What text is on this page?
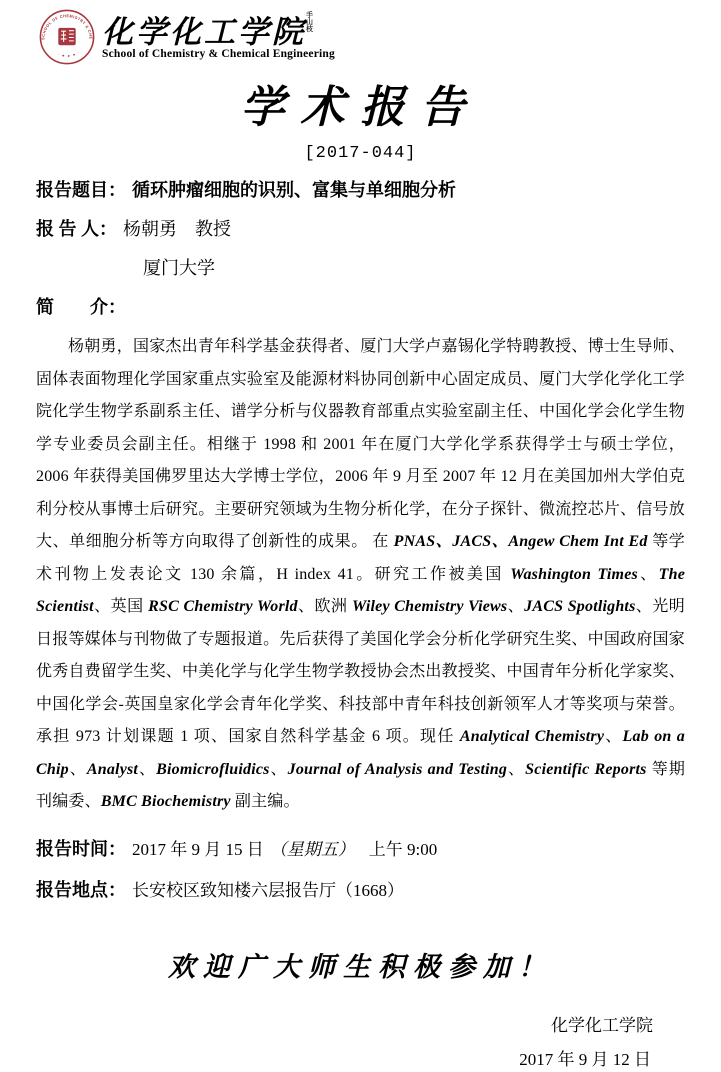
SCHOOL OF CHEMISTRY & CHE
· ✦ ✦ ✦ ·
化学化工学院手山枝
School of Chemistry & Chemical Engineering
学术报告
[2017-044]
报告题目： 循环肿瘤细胞的识别、富集与单细胞分析
报 告 人： 杨朝勇 教授
厦门大学
简　　介：

杨朝勇，国家杰出青年科学基金获得者、厦门大学卢嘉锡化学特聘教授、博士生导师、固体表面物理化学国家重点实验室及能源材料协同创新中心固定成员、厦门大学化学化工学院化学生物学系副系主任、谱学分析与仪器教育部重点实验室副主任、中国化学会化学生物学专业委员会副主任。相继于 1998 和 2001 年在厦门大学化学系获得学士与硕士学位，2006 年获得美国佛罗里达大学博士学位，2006 年 9 月至 2007 年 12 月在美国加州大学伯克利分校从事博士后研究。主要研究领域为生物分析化学，在分子探针、微流控芯片、信号放大、单细胞分析等方向取得了创新性的成果。 在 PNAS、JACS、Angew Chem Int Ed 等学术刊物上发表论文 130 余篇，H index 41。研究工作被美国 Washington Times、The Scientist、英国 RSC Chemistry World、欧洲 Wiley Chemistry Views、JACS Spotlights、光明日报等媒体与刊物做了专题报道。先后获得了美国化学会分析化学研究生奖、中国政府国家优秀自费留学生奖、中美化学与化学生物学教授协会杰出教授奖、中国青年分析化学家奖、中国化学会-英国皇家化学会青年化学奖、科技部中青年科技创新领军人才等奖项与荣誉。承担 973 计划课题 1 项、国家自然科学基金 6 项。现任 Analytical Chemistry、Lab on a Chip、Analyst、Biomicrofluidics、Journal of Analysis and Testing、Scientific Reports 等期刊编委、BMC Biochemistry 副主编。

报告时间： 2017 年 9 月 15 日 （星期五） 上午 9:00
报告地点： 长安校区致知楼六层报告厅（1668）
欢迎广大师生积极参加！
化学化工学院
2017 年 9 月 12 日
